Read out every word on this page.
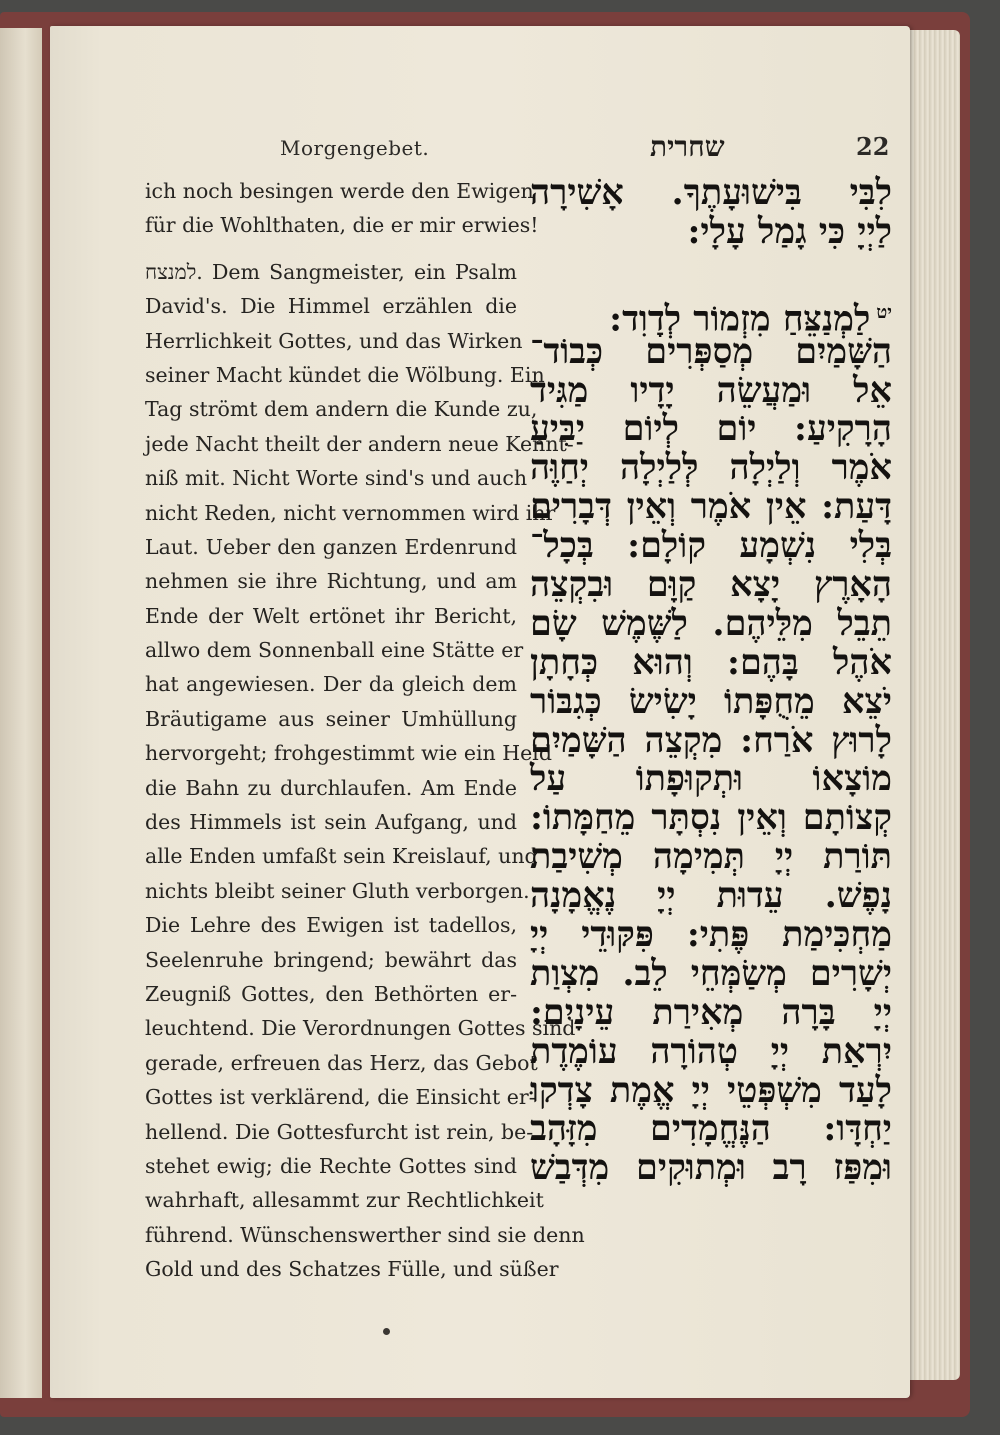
Morgengebet.	שחרית	22
ich noch besingen werde den Ewigen
für die Wohlthaten, die er mir erwies!
למנצח. Dem Sangmeister, ein Psalm
David's. Die Himmel erzählen die
Herrlichkeit Gottes, und das Wirken
seiner Macht kündet die Wölbung. Ein
Tag strömt dem andern die Kunde zu,
jede Nacht theilt der andern neue Kennt-
niß mit. Nicht Worte sind's und auch
nicht Reden, nicht vernommen wird ihr
Laut. Ueber den ganzen Erdenrund
nehmen sie ihre Richtung, und am
Ende der Welt ertönet ihr Bericht,
allwo dem Sonnenball eine Stätte er
hat angewiesen. Der da gleich dem
Bräutigame aus seiner Umhüllung
hervorgeht; frohgestimmt wie ein Held
die Bahn zu durchlaufen. Am Ende
des Himmels ist sein Aufgang, und
alle Enden umfaßt sein Kreislauf, und
nichts bleibt seiner Gluth verborgen.
Die Lehre des Ewigen ist tadellos,
Seelenruhe bringend; bewährt das
Zeugniß Gottes, den Bethörten er-
leuchtend. Die Verordnungen Gottes sind
gerade, erfreuen das Herz, das Gebot
Gottes ist verklärend, die Einsicht er-
hellend. Die Gottesfurcht ist rein, be-
stehet ewig; die Rechte Gottes sind
wahrhaft, allesammt zur Rechtlichkeit
führend. Wünschenswerther sind sie denn
Gold und des Schatzes Fülle, und süßer
לִבִּי בִּישׁוּעָתֶךָ. אָשִׁירָה
לַיְיָ כִּי גָמַל עָלָי:
$^{יט}$לַמְנַצֵּחַ מִזְמוֹר לְדָוִד:
הַשָּׁמַיִם מְסַפְּרִים כְּבוֹד־
אֵל וּמַעֲשֵׂה יָדָיו מַגִּיד
הָרָקִיעַ: יוֹם לְיוֹם יַבִּיעַ
אֹמֶר וְלַיְלָה לְּלַיְלָה יְחַוֶּה
דָּעַת: אֵין אֹמֶר וְאֵין דְּבָרִים
בְּלִי נִשְׁמָע קוֹלָם: בְּכָל־
הָאָרֶץ יָצָא קַוָּם וּבִקְצֵה
תֵבֵל מִלֵּיהֶם. לַשֶּׁמֶשׁ שָׂם
אֹהֶל בָּהֶם: וְהוּא כְּחָתָן
יֹצֵא מֵחֻפָּתוֹ יָשִׂישׂ כְּגִבּוֹר
לָרוּץ אֹרַח: מִקְצֵה הַשָּׁמַיִם
מוֹצָאוֹ וּתְקוּפָתוֹ עַל
קְצוֹתָם וְאֵין נִסְתָּר מֵחַמָּתוֹ:
תּוֹרַת יְיָ תְּמִימָה מְשִׁיבַת
נָפֶשׁ. עֵדוּת יְיָ נֶאֱמָנָה
מַחְכִּימַת פֶּתִי: פִּקּוּדֵי יְיָ
יְשָׁרִים מְשַׂמְּחֵי לֵב. מִצְוַת
יְיָ בָּרָה מְאִירַת עֵינָיִם:
יִרְאַת יְיָ טְהוֹרָה עוֹמֶדֶת
לָעַד מִשְׁפְּטֵי יְיָ אֱמֶת צָדְקוּ
יַחְדָּו: הַנֶּחֱמָדִים מִזָּהָב
וּמִפַּז רָב וּמְתוּקִים מִדְּבַשׁ
